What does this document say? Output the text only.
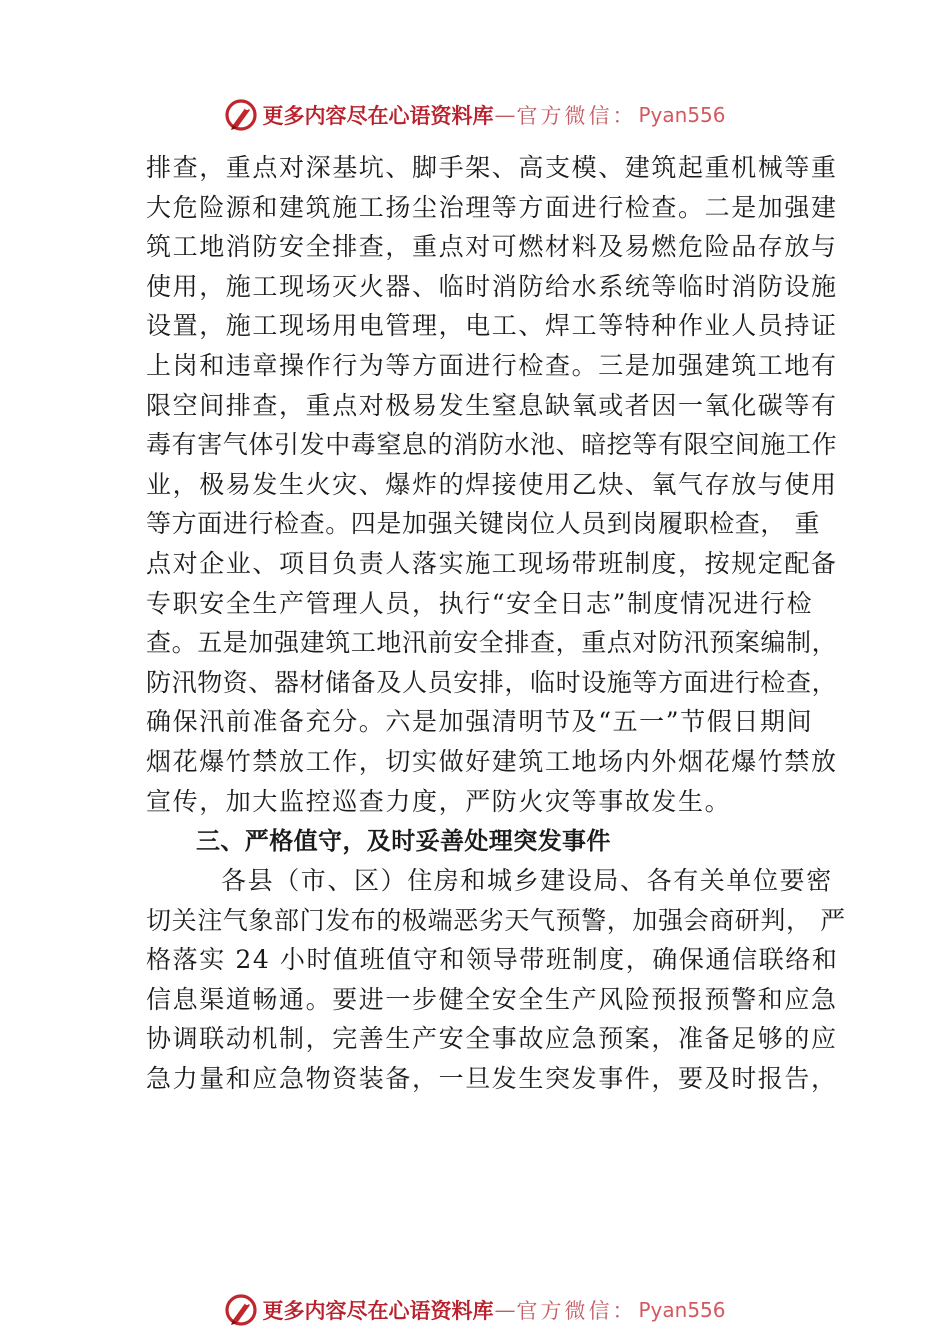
更多内容尽在心语资料库 — 官方微信： Pyan556
排查，重点对深基坑、脚手架、高支模、建筑起重机械等重
大危险源和建筑施工扬尘治理等方面进行检查。二是加强建
筑工地消防安全排查，重点对可燃材料及易燃危险品存放与
使用，施工现场灭火器、临时消防给水系统等临时消防设施
设置，施工现场用电管理，电工、焊工等特种作业人员持证
上岗和违章操作行为等方面进行检查。三是加强建筑工地有
限空间排查，重点对极易发生窒息缺氧或者因一氧化碳等有
毒有害气体引发中毒窒息的消防水池、暗挖等有限空间施工作
业，极易发生火灾、爆炸的焊接使用乙炔、氧气存放与使用
等方面进行检查。四是加强关键岗位人员到岗履职检查， 重
点对企业、项目负责人落实施工现场带班制度，按规定配备
专职安全生产管理人员，执行“安全日志”制度情况进行检
查。五是加强建筑工地汛前安全排查，重点对防汛预案编制，
防汛物资、器材储备及人员安排，临时设施等方面进行检查，
确保汛前准备充分。六是加强清明节及“五一”节假日期间
烟花爆竹禁放工作，切实做好建筑工地场内外烟花爆竹禁放
宣传，加大监控巡查力度，严防火灾等事故发生。
三、严格值守，及时妥善处理突发事件
各县（市、区）住房和城乡建设局、各有关单位要密
切关注气象部门发布的极端恶劣天气预警，加强会商研判， 严
格落实 24 小时值班值守和领导带班制度，确保通信联络和
信息渠道畅通。要进一步健全安全生产风险预报预警和应急
协调联动机制，完善生产安全事故应急预案，准备足够的应
急力量和应急物资装备，一旦发生突发事件，要及时报告，
更多内容尽在心语资料库 — 官方微信： Pyan556
